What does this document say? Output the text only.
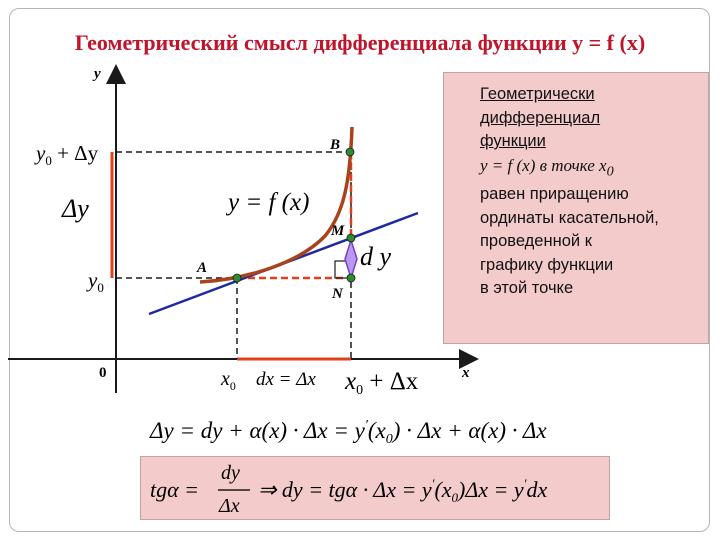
Геометрический смысл дифференциала функции y = f (x)
x
y
0
A
B
M
N
$y_0 + \Delta y$
Δy
$y_0$
y = f (x)
d y
$x_0$ dx = Δx $x_0 + \Delta x$
Δy = dy + $\alpha(x) \cdot \Delta x = y'(x_0) \cdot \Delta x + \alpha(x) \cdot \Delta x$
tgα =
dy
Δx
⇒ dy = $tg\alpha \cdot \Delta x = y'(x_0)\Delta x = y'dx$
Геометрически
дифференциал
функции
y = f (x) в точке $x_0$
равен приращению
ординаты касательной,
проведенной к
графику функции
в этой точке
